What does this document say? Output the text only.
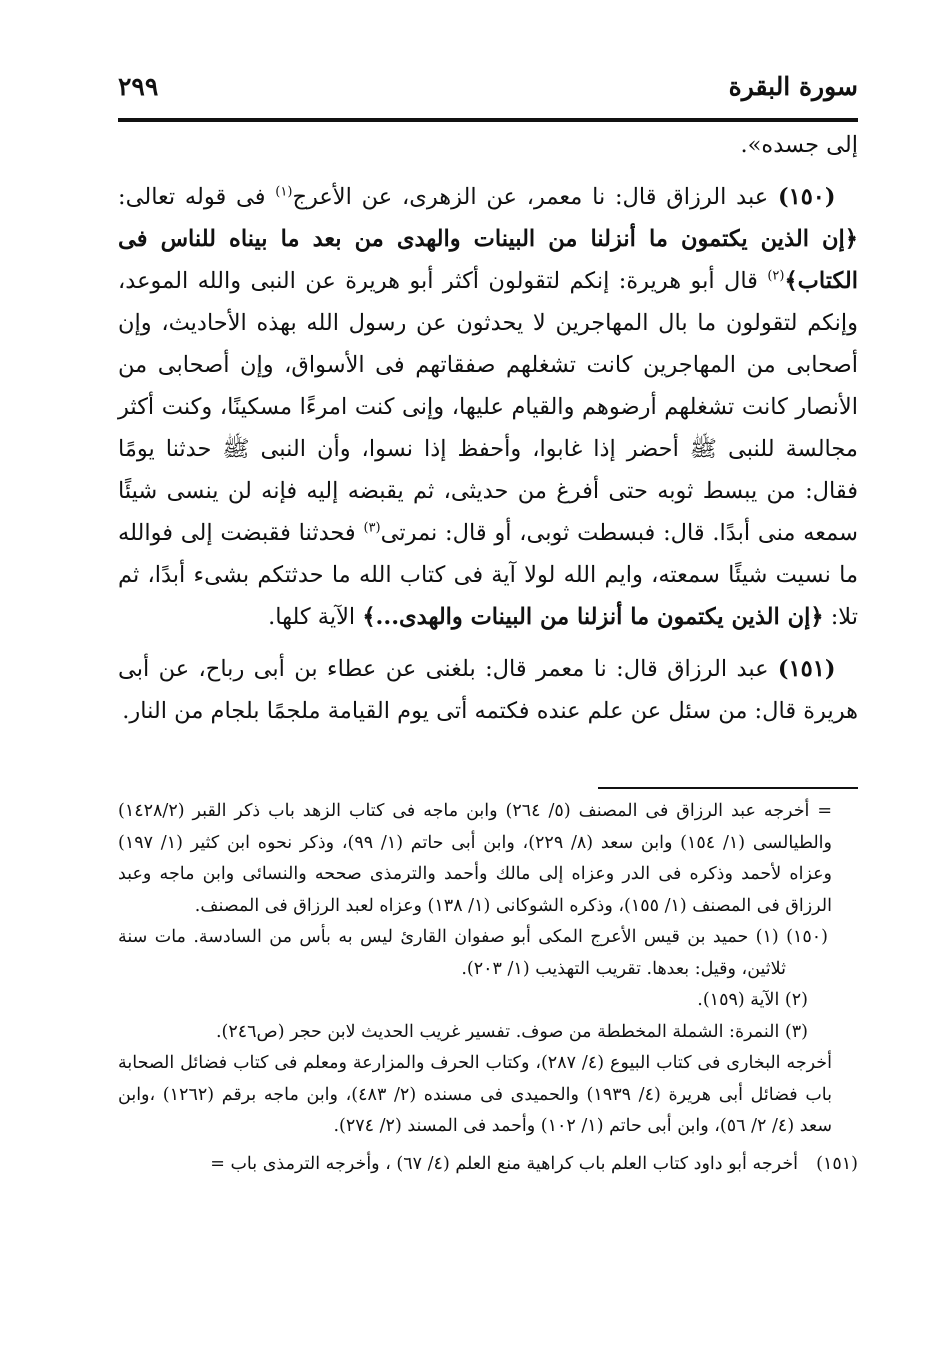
سورة البقرة
٢٩٩

إلى جسده».

 (١٥٠) عبد الرزاق قال: نا معمر، عن الزهرى، عن الأعرج$^{(١)}$ فى قوله تعالى: ﴿إن الذين يكتمون ما أنزلنا من البينات والهدى من بعد ما بيناه للناس فى الكتاب﴾$^{(٢)}$ قال أبو هريرة: إنكم لتقولون أكثر أبو هريرة عن النبى والله الموعد، وإنكم لتقولون ما بال المهاجرين لا يحدثون عن رسول الله بهذه الأحاديث، وإن أصحابى من المهاجرين كانت تشغلهم صفقاتهم فى الأسواق، وإن أصحابى من الأنصار كانت تشغلهم أرضوهم والقيام عليها، وإنى كنت امرءًا مسكينًا، وكنت أكثر مجالسة للنبى ﷺ أحضر إذا غابوا، وأحفظ إذا نسوا، وأن النبى ﷺ حدثنا يومًا فقال: من يبسط ثوبه حتى أفرغ من حديثى، ثم يقبضه إليه فإنه لن ينسى شيئًا سمعه منى أبدًا. قال: فبسطت ثوبى، أو قال: نمرتى$^{(٣)}$ فحدثنا فقبضت إلى فوالله ما نسيت شيئًا سمعته، وايم الله لولا آية فى كتاب الله ما حدثتكم بشىء أبدًا، ثم تلا: ﴿إن الذين يكتمون ما أنزلنا من البينات والهدى...﴾ الآية كلها.

 (١٥١) عبد الرزاق قال: نا معمر قال: بلغنى عن عطاء بن أبى رباح، عن أبى هريرة قال: من سئل عن علم عنده فكتمه أتى يوم القيامة ملجمًا بلجام من النار.

= أخرجه عبد الرزاق فى المصنف (٥/ ٢٦٤) وابن ماجه فى كتاب الزهد باب ذكر القبر (١٤٢٨/٢) والطيالسى (١/ ١٥٤) وابن سعد (٨/ ٢٢٩)، وابن أبى حاتم (١/ ٩٩)، وذكر نحوه ابن كثير (١/ ١٩٧) وعزاه لأحمد وذكره فى الدر وعزاه إلى مالك وأحمد والترمذى صححه والنسائى وابن ماجه وعبد الرزاق فى المصنف (١/ ١٥٥)، وذكره الشوكانى (١/ ١٣٨) وعزاه لعبد الرزاق فى المصنف.

(١٥٠) (١) حميد بن قيس الأعرج المكى أبو صفوان القارئ ليس به بأس من السادسة. مات سنة ثلاثين، وقيل: بعدها. تقريب التهذيب (١/ ٢٠٣).

(٢) الآية (١٥٩).

(٣) النمرة: الشملة المخططة من صوف. تفسير غريب الحديث لابن حجر (ص٢٤٦).

أخرجه البخارى فى كتاب البيوع (٤/ ٢٨٧)، وكتاب الحرف والمزارعة ومعلم فى كتاب فضائل الصحابة باب فضائل أبى هريرة (٤/ ١٩٣٩) والحميدى فى مسنده (٢/ ٤٨٣)، وابن ماجه برقم (١٢٦٢) ،وابن سعد (٤/ ٢/ ٥٦)، وابن أبى حاتم (١/ ١٠٢) وأحمد فى المسند (٢/ ٢٧٤).

(١٥١)
أخرجه أبو داود كتاب العلم باب كراهية منع العلم (٤/ ٦٧) ، وأخرجه الترمذى باب =
